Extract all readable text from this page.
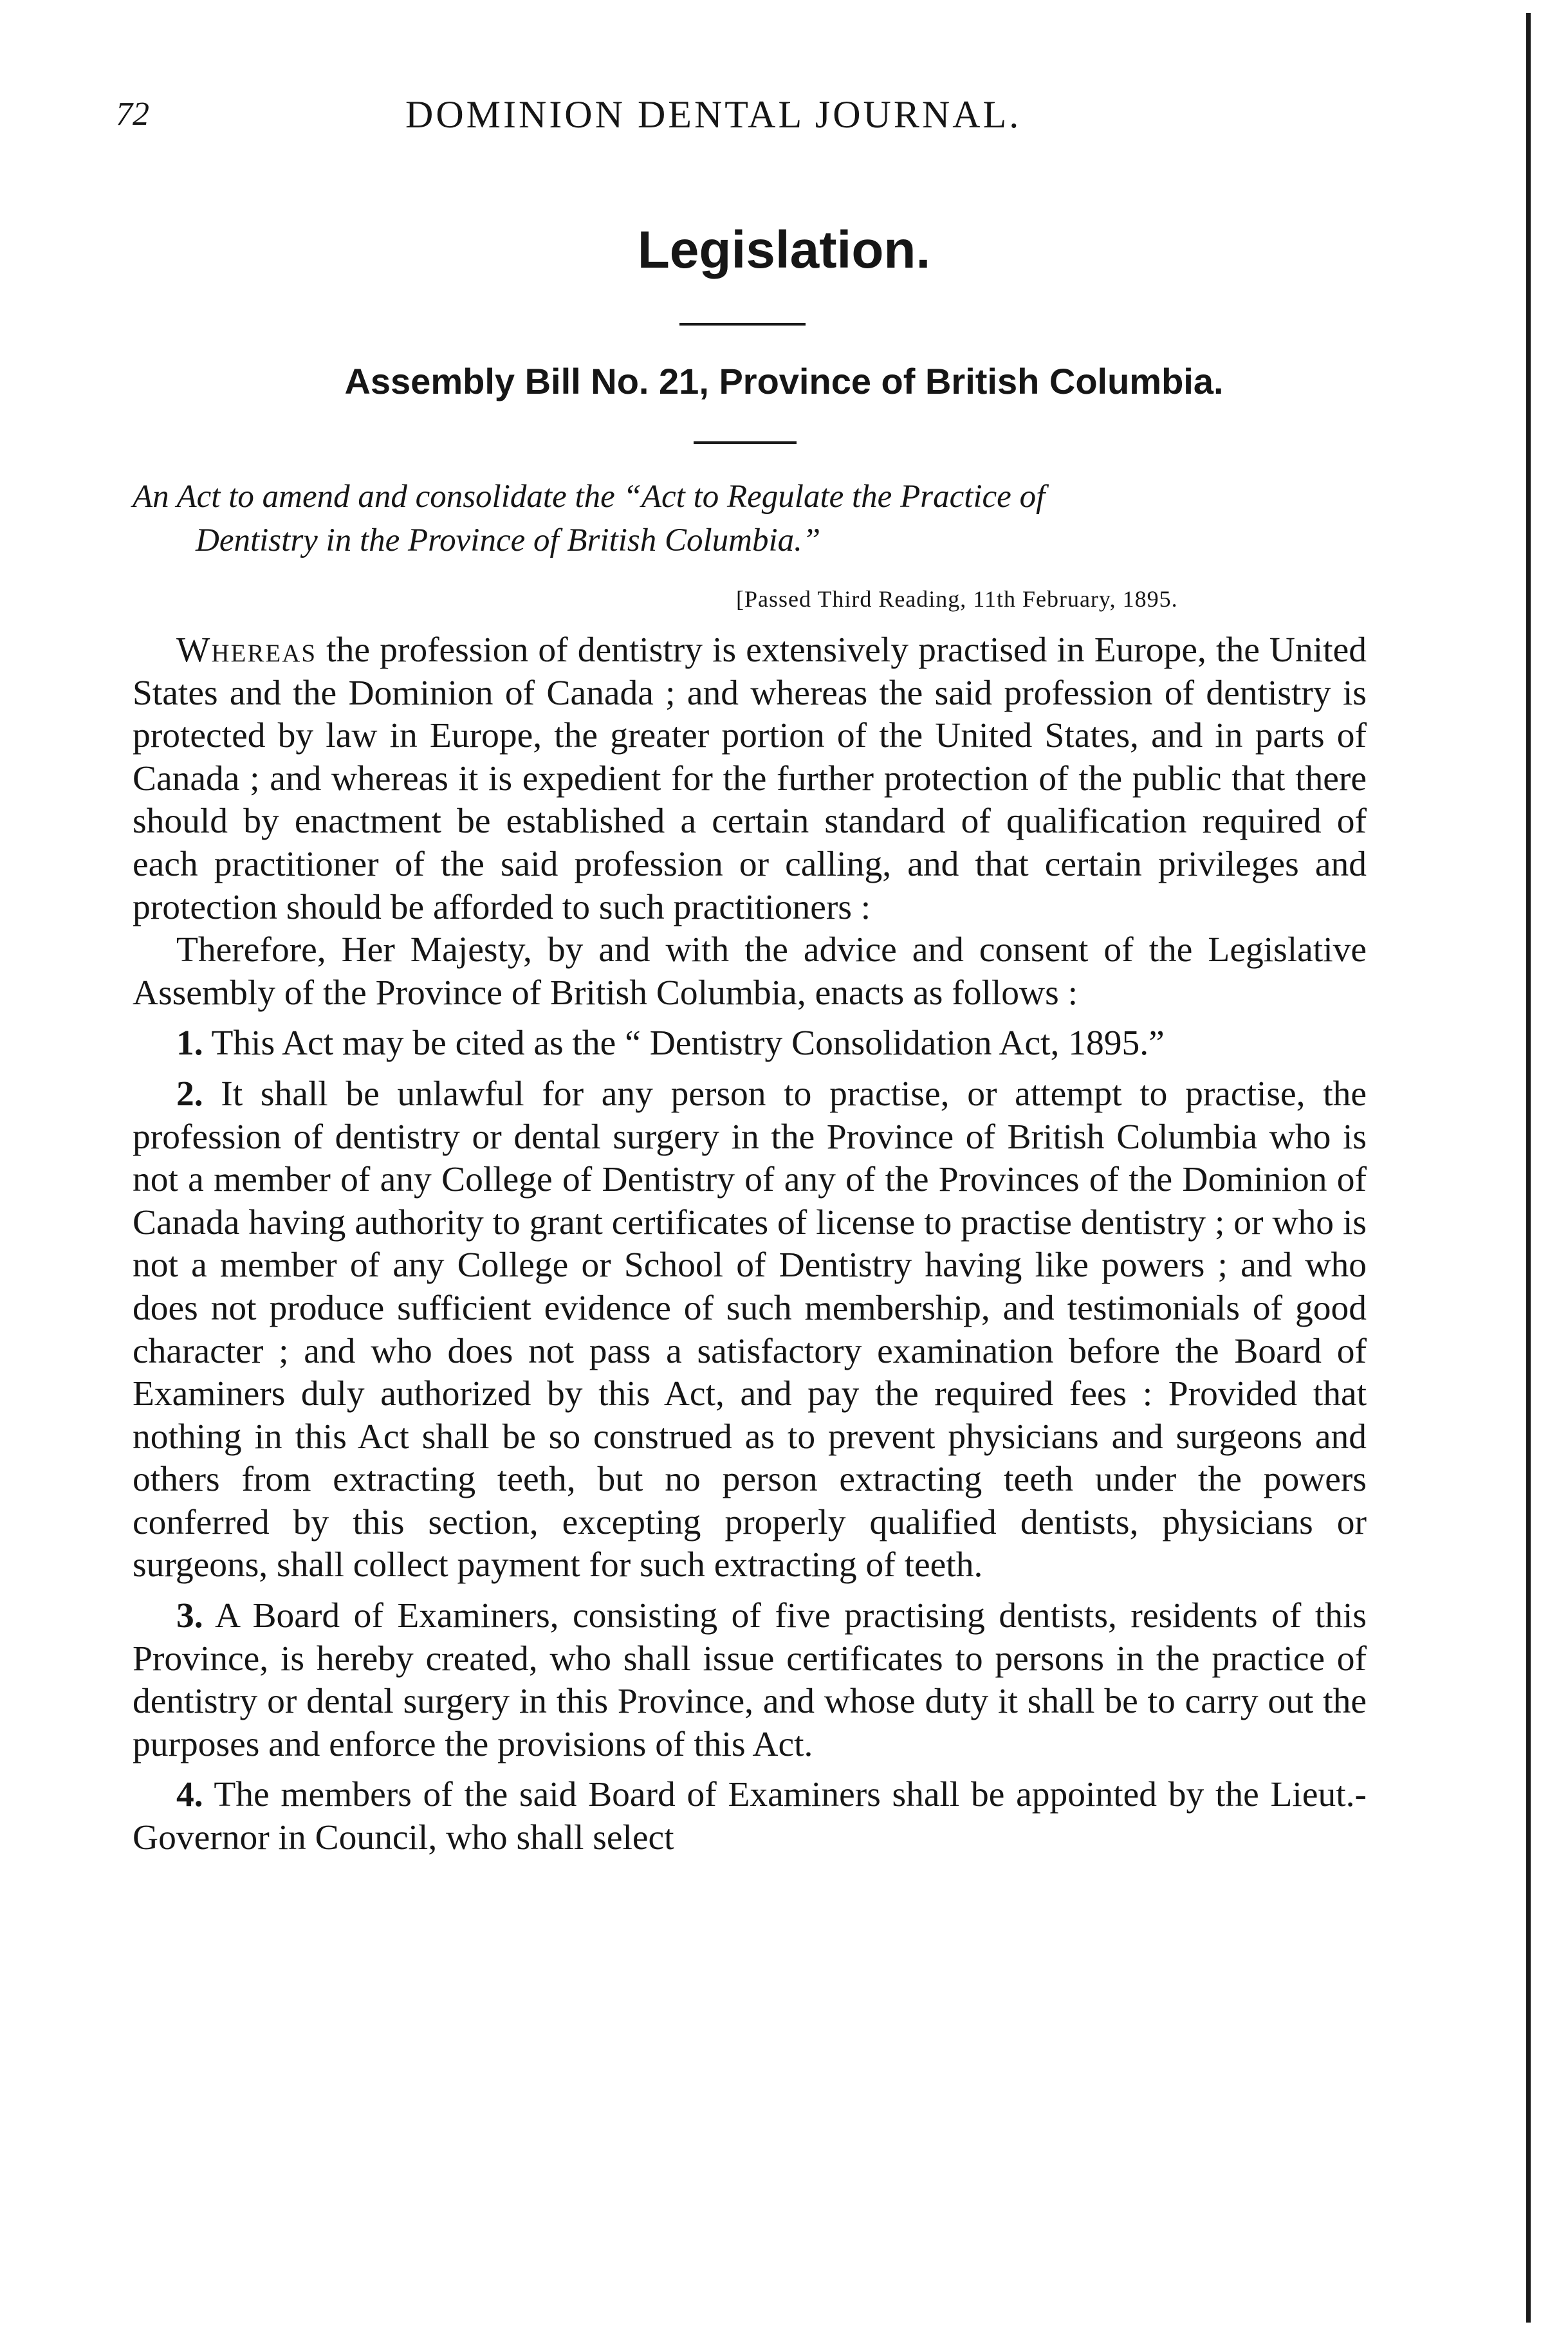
72	DOMINION DENTAL JOURNAL.
Legislation.
Assembly Bill No. 21, Province of British Columbia.
An Act to amend and consolidate the “Act to Regulate the Practice of
Dentistry in the Province of British Columbia.”
[Passed Third Reading, 11th February, 1895.

Whereas the profession of dentistry is extensively practised in Europe, the United States and the Dominion of Canada ; and whereas the said profession of dentistry is protected by law in Europe, the greater portion of the United States, and in parts of Canada ; and whereas it is expedient for the further protection of the public that there should by enactment be established a certain standard of qualification required of each practitioner of the said profession or calling, and that certain privileges and protection should be afforded to such practitioners :

Therefore, Her Majesty, by and with the advice and consent of the Legislative Assembly of the Province of British Columbia, enacts as follows :

1. This Act may be cited as the “ Dentistry Consolidation Act, 1895.”

2. It shall be unlawful for any person to practise, or attempt to practise, the profession of dentistry or dental surgery in the Province of British Columbia who is not a member of any College of Dentistry of any of the Provinces of the Dominion of Canada having authority to grant certificates of license to practise dentistry ; or who is not a member of any College or School of Dentistry having like powers ; and who does not produce sufficient evidence of such membership, and testimonials of good character ; and who does not pass a satisfactory examination before the Board of Examiners duly authorized by this Act, and pay the required fees : Provided that nothing in this Act shall be so construed as to prevent physicians and surgeons and others from extracting teeth, but no person extracting teeth under the powers conferred by this section, excepting properly qualified dentists, physicians or surgeons, shall collect payment for such extracting of teeth.

3. A Board of Examiners, consisting of five practising dentists, residents of this Province, is hereby created, who shall issue certificates to persons in the practice of dentistry or dental surgery in this Province, and whose duty it shall be to carry out the purposes and enforce the provisions of this Act.

4. The members of the said Board of Examiners shall be appointed by the Lieut.-Governor in Council, who shall select
